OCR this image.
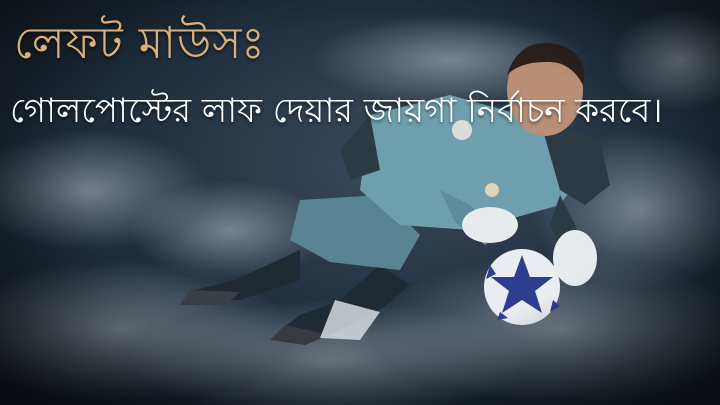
লেফট মাউসঃ

গোলপোস্টের লাফ দেয়ার জায়গা নির্বাচন করবে।
